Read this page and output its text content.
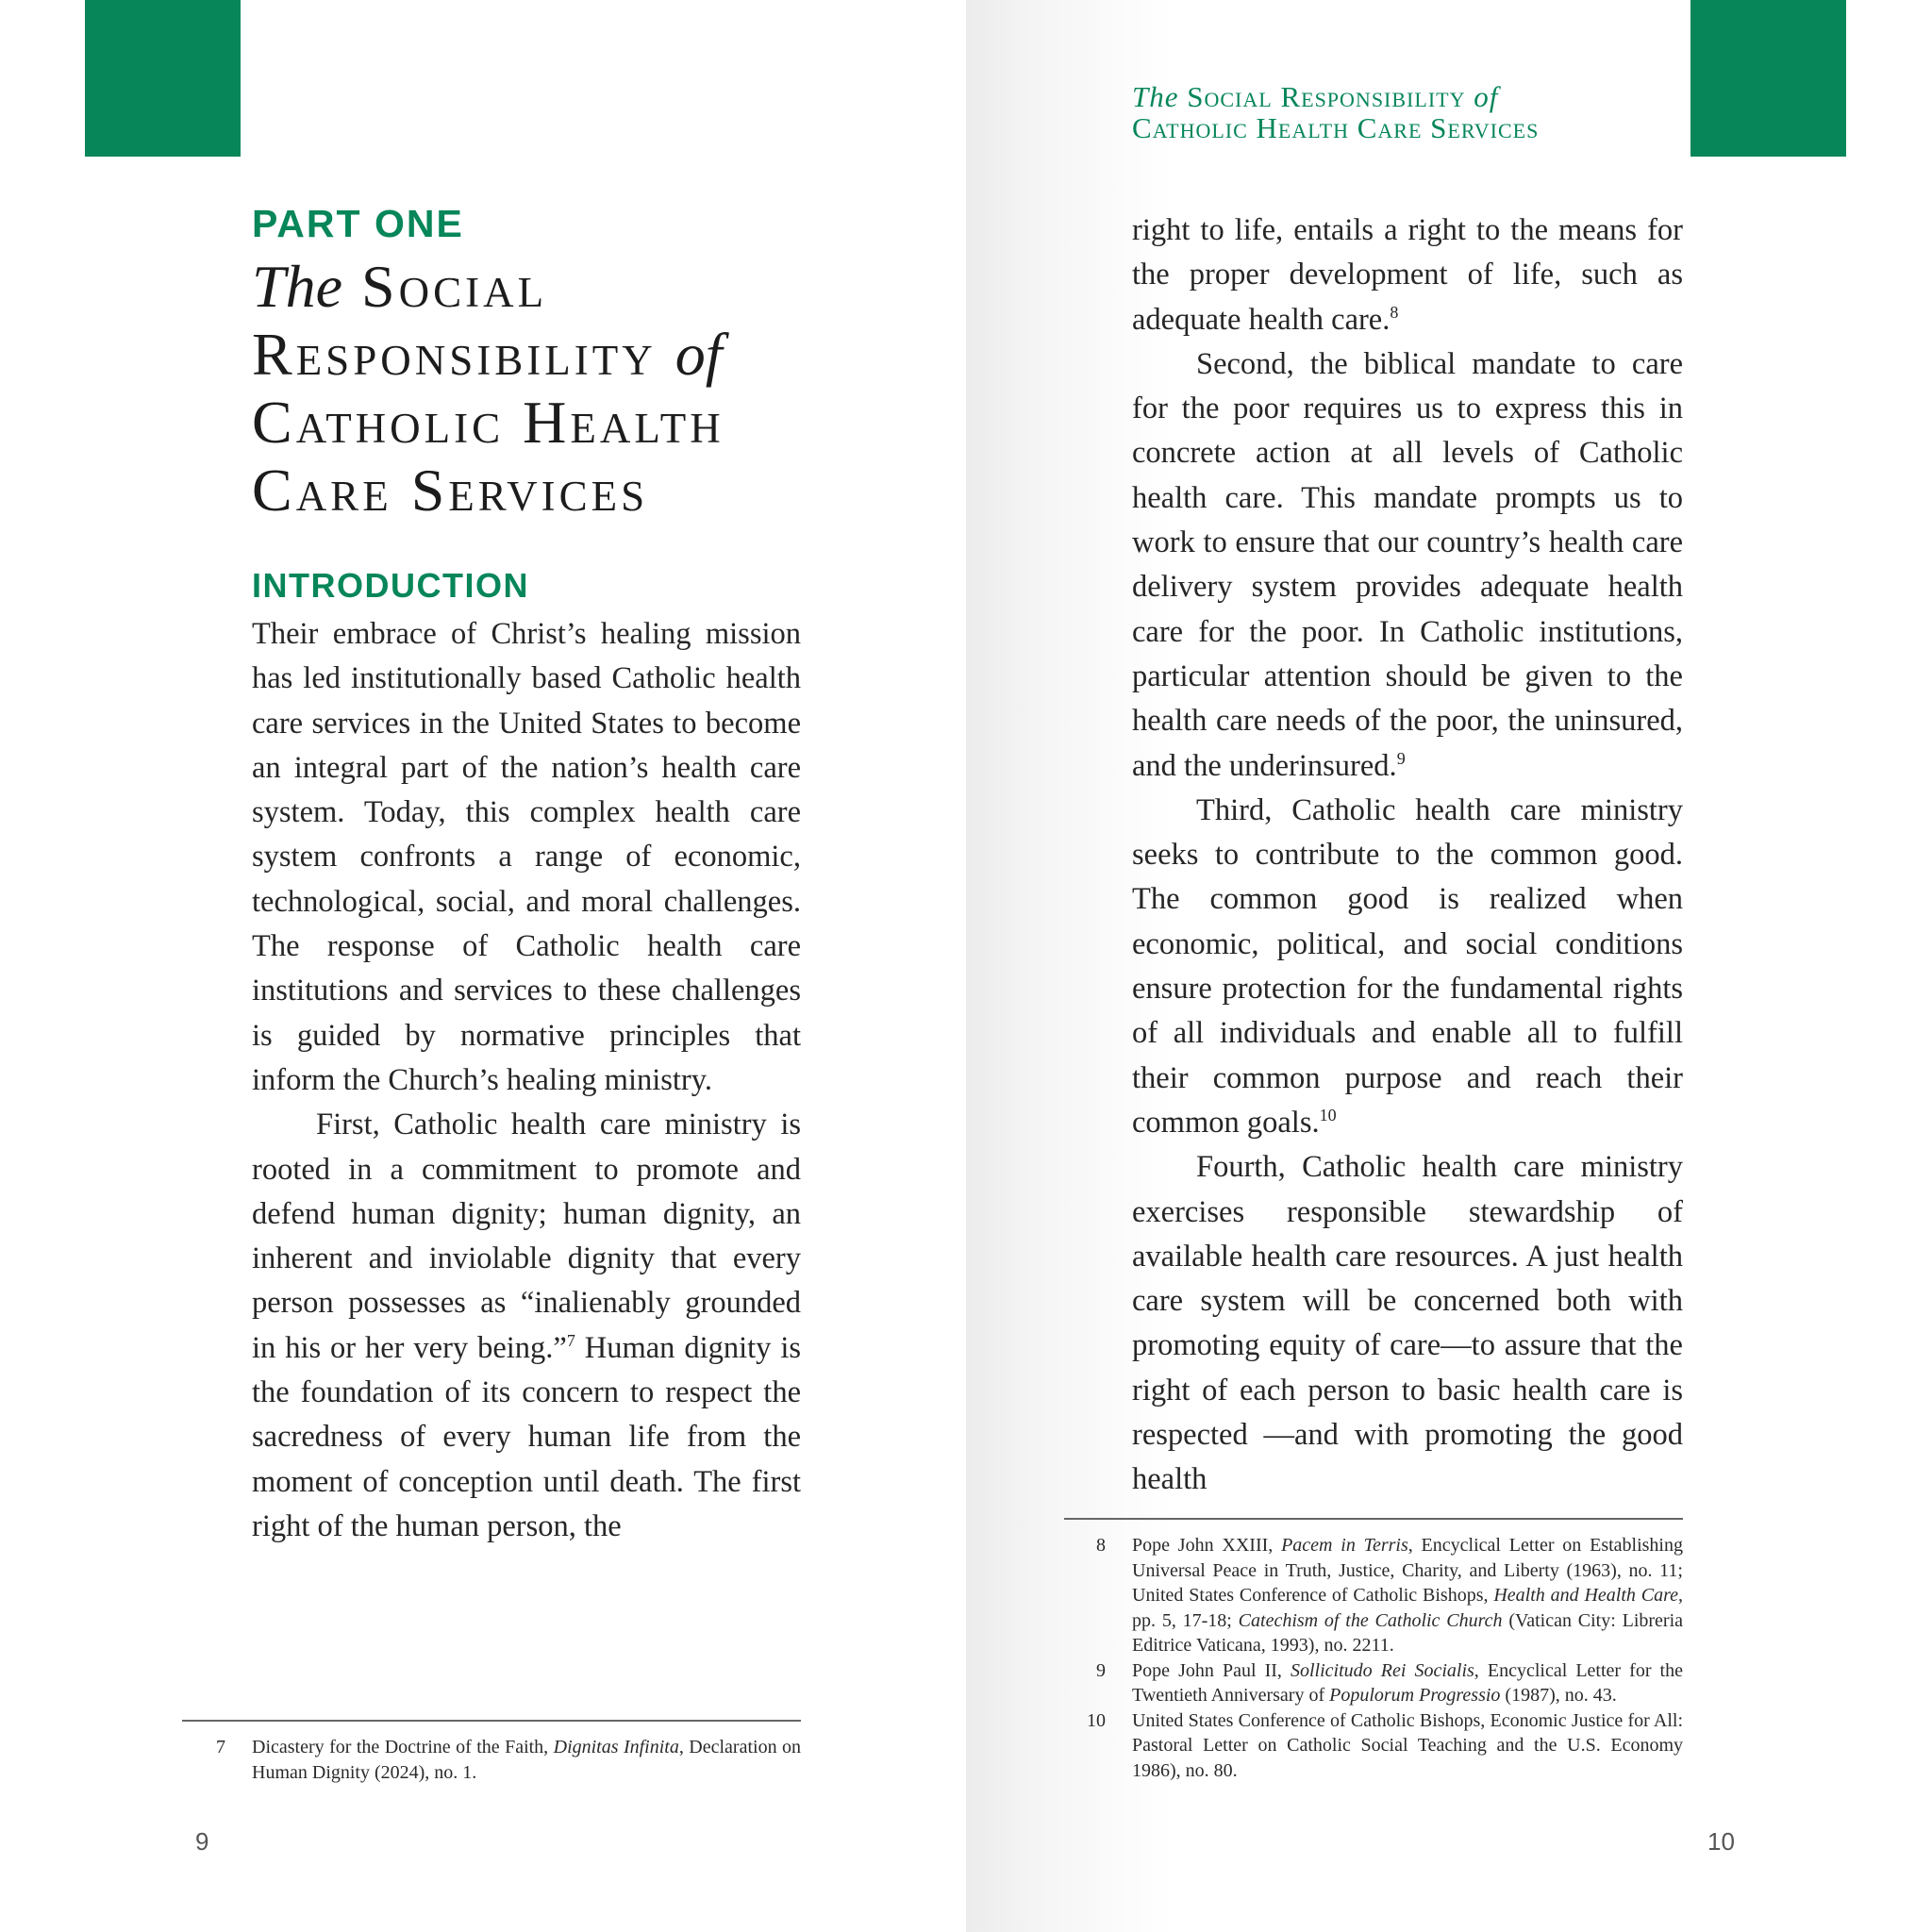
PART ONE
The Social
Responsibility of
Catholic Health
Care Services
INTRODUCTION

Their embrace of Christ’s healing mission has led institutionally based Catholic health care services in the United States to become an integral part of the nation’s health care system. Today, this complex health care system confronts a range of economic, technological, social, and moral challenges. The response of Catholic health care institutions and services to these challenges is guided by normative principles that inform the Church’s healing ministry.

First, Catholic health care ministry is rooted in a commitment to promote and defend human dignity; human dignity, an inherent and inviolable dignity that every person possesses as “inalienably grounded in his or her very being.”$^7$ Human dignity is the foundation of its concern to respect the sacredness of every human life from the moment of conception until death. The first right of the human person, the

7 Dicastery for the Doctrine of the Faith, Dignitas Infinita, Declaration on Human Dignity (2024), no. 1.
9
The Social Responsibility of
Catholic Health Care Services

right to life, entails a right to the means for the proper development of life, such as adequate health care.$^8$

Second, the biblical mandate to care for the poor requires us to express this in concrete action at all levels of Catholic health care. This mandate prompts us to work to ensure that our country’s health care delivery system provides adequate health care for the poor. In Catholic institutions, particular attention should be given to the health care needs of the poor, the uninsured, and the underinsured.$^9$

Third, Catholic health care ministry seeks to contribute to the common good. The common good is realized when economic, political, and social conditions ensure protection for the fundamental rights of all individuals and enable all to fulfill their common purpose and reach their common goals.$^{10}$

Fourth, Catholic health care ministry exercises responsible stewardship of available health care resources. A just health care system will be concerned both with promoting equity of care—to assure that the right of each person to basic health care is respected —and with promoting the good health

8 Pope John XXIII, Pacem in Terris, Encyclical Letter on Establishing Universal Peace in Truth, Justice, Charity, and Liberty (1963), no. 11; United States Conference of Catholic Bishops, Health and Health Care, pp. 5, 17-18; Catechism of the Catholic Church (Vatican City: Libreria Editrice Vaticana, 1993), no. 2211.
9 Pope John Paul II, Sollicitudo Rei Socialis, Encyclical Letter for the Twentieth Anniversary of Populorum Progressio (1987), no. 43.
10 United States Conference of Catholic Bishops, Economic Justice for All: Pastoral Letter on Catholic Social Teaching and the U.S. Economy 1986), no. 80.
10
